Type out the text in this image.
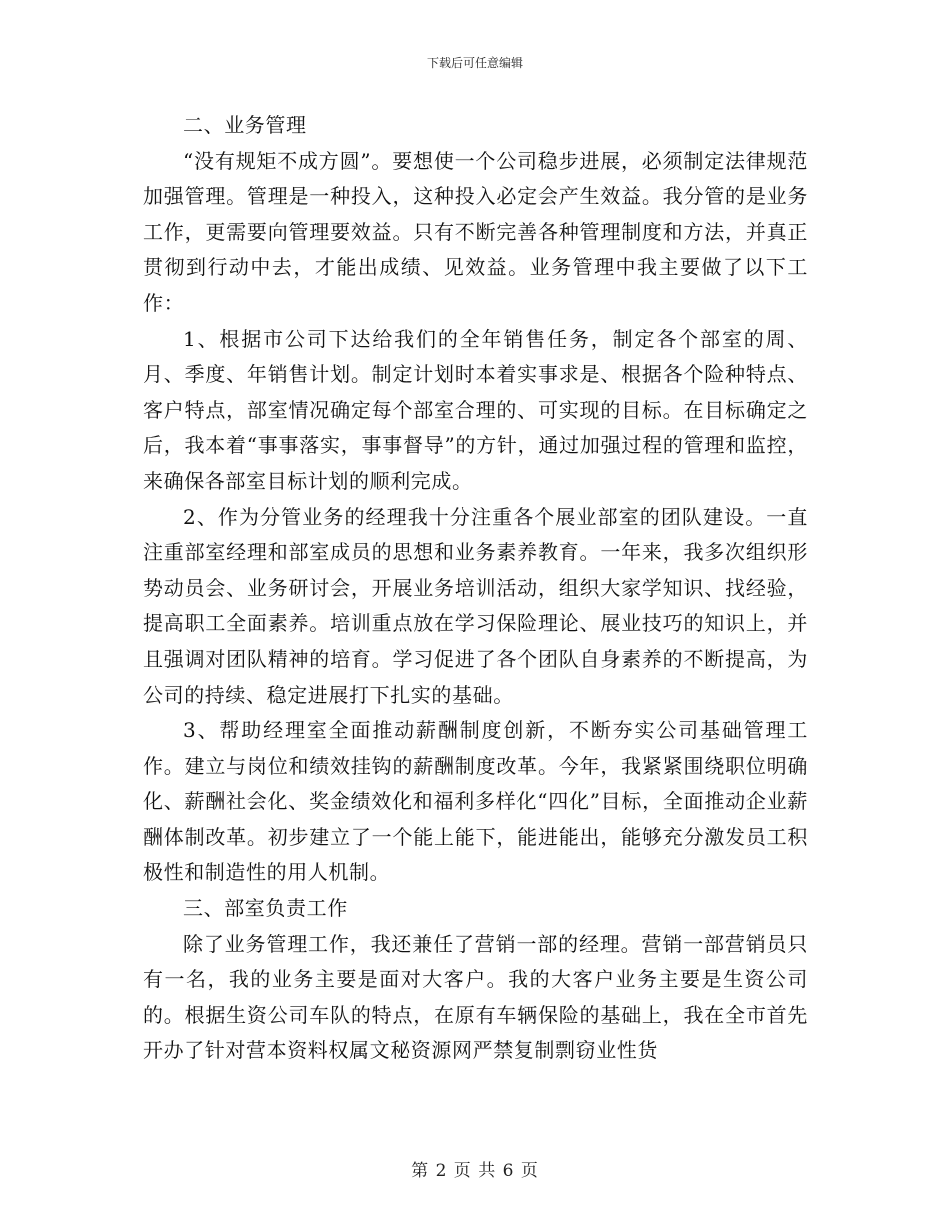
下载后可任意编辑

二、业务管理

“没有规矩不成方圆”。要想使一个公司稳步进展，必须制定法律规范加强管理。管理是一种投入，这种投入必定会产生效益。我分管的是业务工作，更需要向管理要效益。只有不断完善各种管理制度和方法，并真正贯彻到行动中去，才能出成绩、见效益。业务管理中我主要做了以下工作：

1、根据市公司下达给我们的全年销售任务，制定各个部室的周、月、季度、年销售计划。制定计划时本着实事求是、根据各个险种特点、客户特点，部室情况确定每个部室合理的、可实现的目标。在目标确定之后，我本着“事事落实，事事督导”的方针，通过加强过程的管理和监控，来确保各部室目标计划的顺利完成。

2、作为分管业务的经理我十分注重各个展业部室的团队建设。一直注重部室经理和部室成员的思想和业务素养教育。一年来，我多次组织形势动员会、业务研讨会，开展业务培训活动，组织大家学知识、找经验，提高职工全面素养。培训重点放在学习保险理论、展业技巧的知识上，并且强调对团队精神的培育。学习促进了各个团队自身素养的不断提高，为公司的持续、稳定进展打下扎实的基础。

3、帮助经理室全面推动薪酬制度创新，不断夯实公司基础管理工作。建立与岗位和绩效挂钩的薪酬制度改革。今年，我紧紧围绕职位明确化、薪酬社会化、奖金绩效化和福利多样化“四化”目标，全面推动企业薪酬体制改革。初步建立了一个能上能下，能进能出，能够充分激发员工积极性和制造性的用人机制。

三、部室负责工作

除了业务管理工作，我还兼任了营销一部的经理。营销一部营销员只有一名，我的业务主要是面对大客户。我的大客户业务主要是生资公司的。根据生资公司车队的特点，在原有车辆保险的基础上，我在全市首先开办了针对营本资料权属文秘资源网严禁复制剽窃业性货

第 2 页 共 6 页
